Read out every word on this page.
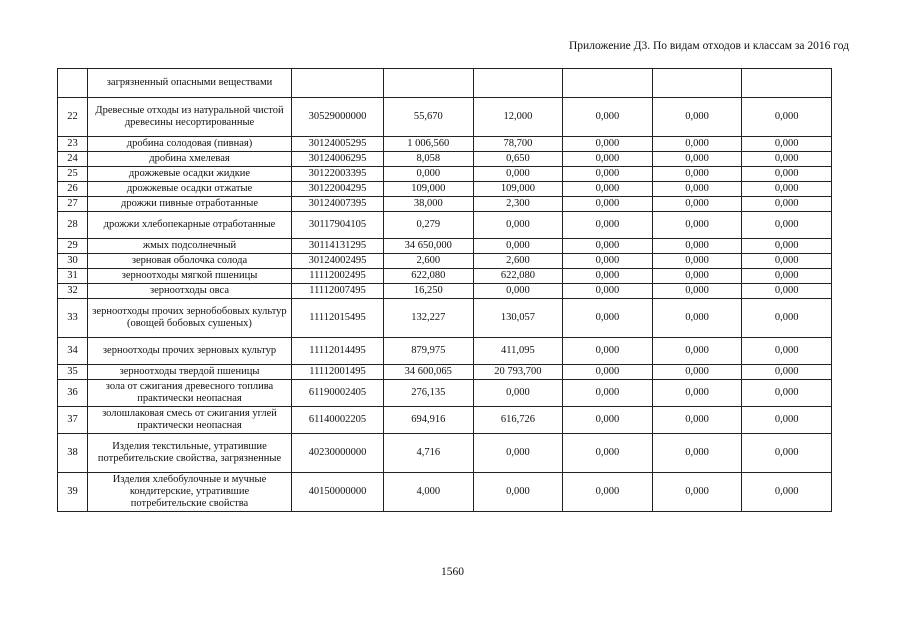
Приложение Д3. По видам отходов и классам за 2016 год
	загрязненный опасными веществами						
22	Древесные отходы из натуральной чистой древесины несортированные	30529000000	55,670	12,000	0,000	0,000	0,000
23	дробина солодовая (пивная)	30124005295	1 006,560	78,700	0,000	0,000	0,000
24	дробина хмелевая	30124006295	8,058	0,650	0,000	0,000	0,000
25	дрожжевые осадки жидкие	30122003395	0,000	0,000	0,000	0,000	0,000
26	дрожжевые осадки отжатые	30122004295	109,000	109,000	0,000	0,000	0,000
27	дрожжи пивные отработанные	30124007395	38,000	2,300	0,000	0,000	0,000
28	дрожжи хлебопекарные отработанные	30117904105	0,279	0,000	0,000	0,000	0,000
29	жмых подсолнечный	30114131295	34 650,000	0,000	0,000	0,000	0,000
30	зерновая оболочка солода	30124002495	2,600	2,600	0,000	0,000	0,000
31	зерноотходы мягкой пшеницы	11112002495	622,080	622,080	0,000	0,000	0,000
32	зерноотходы овса	11112007495	16,250	0,000	0,000	0,000	0,000
33	зерноотходы прочих зернобобовых культур (овощей бобовых сушеных)	11112015495	132,227	130,057	0,000	0,000	0,000
34	зерноотходы прочих зерновых культур	11112014495	879,975	411,095	0,000	0,000	0,000
35	зерноотходы твердой пшеницы	11112001495	34 600,065	20 793,700	0,000	0,000	0,000
36	зола от сжигания древесного топлива практически неопасная	61190002405	276,135	0,000	0,000	0,000	0,000
37	золошлаковая смесь от сжигания углей практически неопасная	61140002205	694,916	616,726	0,000	0,000	0,000
38	Изделия текстильные, утратившие потребительские свойства, загрязненные	40230000000	4,716	0,000	0,000	0,000	0,000
39	Изделия хлебобулочные и мучные кондитерские, утратившие потребительские свойства	40150000000	4,000	0,000	0,000	0,000	0,000
1560
